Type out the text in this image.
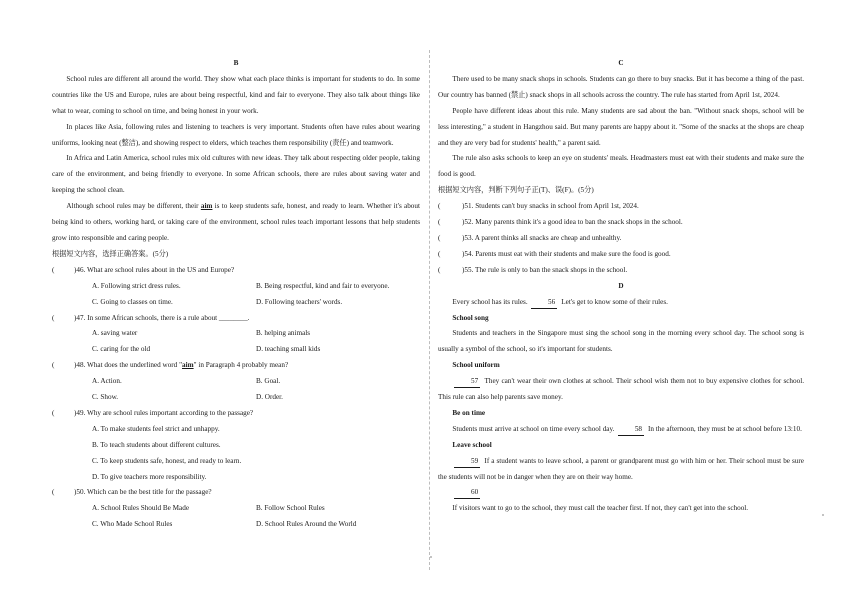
B

School rules are different all around the world. They show what each place thinks is important for students to do. In some countries like the US and Europe, rules are about being respectful, kind and fair to everyone. They also talk about things like what to wear, coming to school on time, and being honest in your work.

In places like Asia, following rules and listening to teachers is very important. Students often have rules about wearing uniforms, looking neat (整洁), and showing respect to elders, which teaches them responsibility (责任) and teamwork.

In Africa and Latin America, school rules mix old cultures with new ideas. They talk about respecting older people, taking care of the environment, and being friendly to everyone. In some African schools, there are rules about saving water and keeping the school clean.

Although school rules may be different, their aim is to keep students safe, honest, and ready to learn. Whether it's about being kind to others, working hard, or taking care of the environment, school rules teach important lessons that help students grow into responsible and caring people.

根据短文内容，选择正确答案。(5分)

(	)46. What are school rules about in the US and Europe?
A. Following strict dress rules.	B. Being respectful, kind and fair to everyone.
C. Going to classes on time.	D. Following teachers' words.
(	)47. In some African schools, there is a rule about ________.
A. saving water	B. helping animals
C. caring for the old	D. teaching small kids
(	)48. What does the underlined word "aim" in Paragraph 4 probably mean?
A. Action.	B. Goal.
C. Show.	D. Order.
(	)49. Why are school rules important according to the passage?
A. To make students feel strict and unhappy.
B. To teach students about different cultures.
C. To keep students safe, honest, and ready to learn.
D. To give teachers more responsibility.
(	)50. Which can be the best title for the passage?
A. School Rules Should Be Made	B. Follow School Rules
C. Who Made School Rules	D. School Rules Around the World

C

There used to be many snack shops in schools. Students can go there to buy snacks. But it has become a thing of the past. Our country has banned (禁止) snack shops in all schools across the country. The rule has started from April 1st, 2024.

People have different ideas about this rule. Many students are sad about the ban. "Without snack shops, school will be less interesting," a student in Hangzhou said. But many parents are happy about it. "Some of the snacks at the shops are cheap and they are very bad for students' health," a parent said.

The rule also asks schools to keep an eye on students' meals. Headmasters must eat with their students and make sure the food is good.

根据短文内容，判断下列句子正(T)、误(F)。(5分)

(	)51. Students can't buy snacks in school from April 1st, 2024.
(	)52. Many parents think it's a good idea to ban the snack shops in the school.
(	)53. A parent thinks all snacks are cheap and unhealthy.
(	)54. Parents must eat with their students and make sure the food is good.
(	)55. The rule is only to ban the snack shops in the school.

D

Every school has its rules.	56 Let's get to know some of their rules.

School song

Students and teachers in the Singapore must sing the school song in the morning every school day. The school song is usually a symbol of the school, so it's important for students.

School uniform

57 They can't wear their own clothes at school. Their school wish them not to buy expensive clothes for school. This rule can also help parents save money.

Be on time

Students must arrive at school on time every school day.	58 In the afternoon, they must be at school before 13:10.

Leave school

59 If a student wants to leave school, a parent or grandparent must go with him or her. Their school must be sure the students will not be in danger when they are on their way home.

60

If visitors want to go to the school, they must call the teacher first. If not, they can't get into the school.
